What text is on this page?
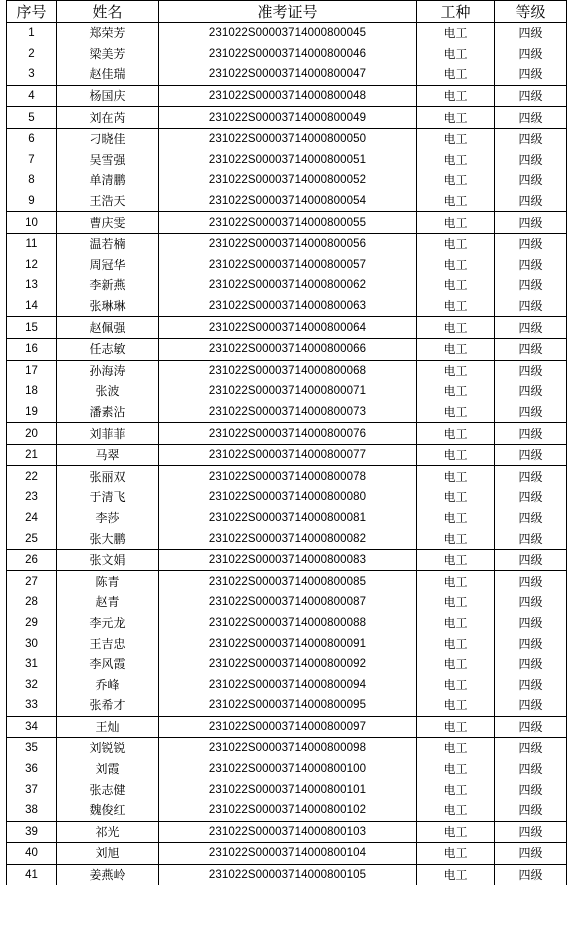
序号	姓名	准考证号	工种	等级
1	郑荣芳	231022S00003714000800045	电工	四级
2	梁美芳	231022S00003714000800046	电工	四级
3	赵佳瑞	231022S00003714000800047	电工	四级
4	杨国庆	231022S00003714000800048	电工	四级
5	刘在芮	231022S00003714000800049	电工	四级
6	刁晓佳	231022S00003714000800050	电工	四级
7	吴雪强	231022S00003714000800051	电工	四级
8	单清鹏	231022S00003714000800052	电工	四级
9	王浩天	231022S00003714000800054	电工	四级
10	曹庆雯	231022S00003714000800055	电工	四级
11	温若楠	231022S00003714000800056	电工	四级
12	周冠华	231022S00003714000800057	电工	四级
13	李新燕	231022S00003714000800062	电工	四级
14	张琳琳	231022S00003714000800063	电工	四级
15	赵佩强	231022S00003714000800064	电工	四级
16	任志敏	231022S00003714000800066	电工	四级
17	孙海涛	231022S00003714000800068	电工	四级
18	张波	231022S00003714000800071	电工	四级
19	潘素沾	231022S00003714000800073	电工	四级
20	刘菲菲	231022S00003714000800076	电工	四级
21	马翠	231022S00003714000800077	电工	四级
22	张丽双	231022S00003714000800078	电工	四级
23	于清飞	231022S00003714000800080	电工	四级
24	李莎	231022S00003714000800081	电工	四级
25	张大鹏	231022S00003714000800082	电工	四级
26	张文娟	231022S00003714000800083	电工	四级
27	陈青	231022S00003714000800085	电工	四级
28	赵青	231022S00003714000800087	电工	四级
29	李元龙	231022S00003714000800088	电工	四级
30	王吉忠	231022S00003714000800091	电工	四级
31	李风霞	231022S00003714000800092	电工	四级
32	乔峰	231022S00003714000800094	电工	四级
33	张希才	231022S00003714000800095	电工	四级
34	王灿	231022S00003714000800097	电工	四级
35	刘锐锐	231022S00003714000800098	电工	四级
36	刘霞	231022S00003714000800100	电工	四级
37	张志健	231022S00003714000800101	电工	四级
38	魏俊红	231022S00003714000800102	电工	四级
39	祁光	231022S00003714000800103	电工	四级
40	刘旭	231022S00003714000800104	电工	四级
41	姜燕岭	231022S00003714000800105	电工	四级
